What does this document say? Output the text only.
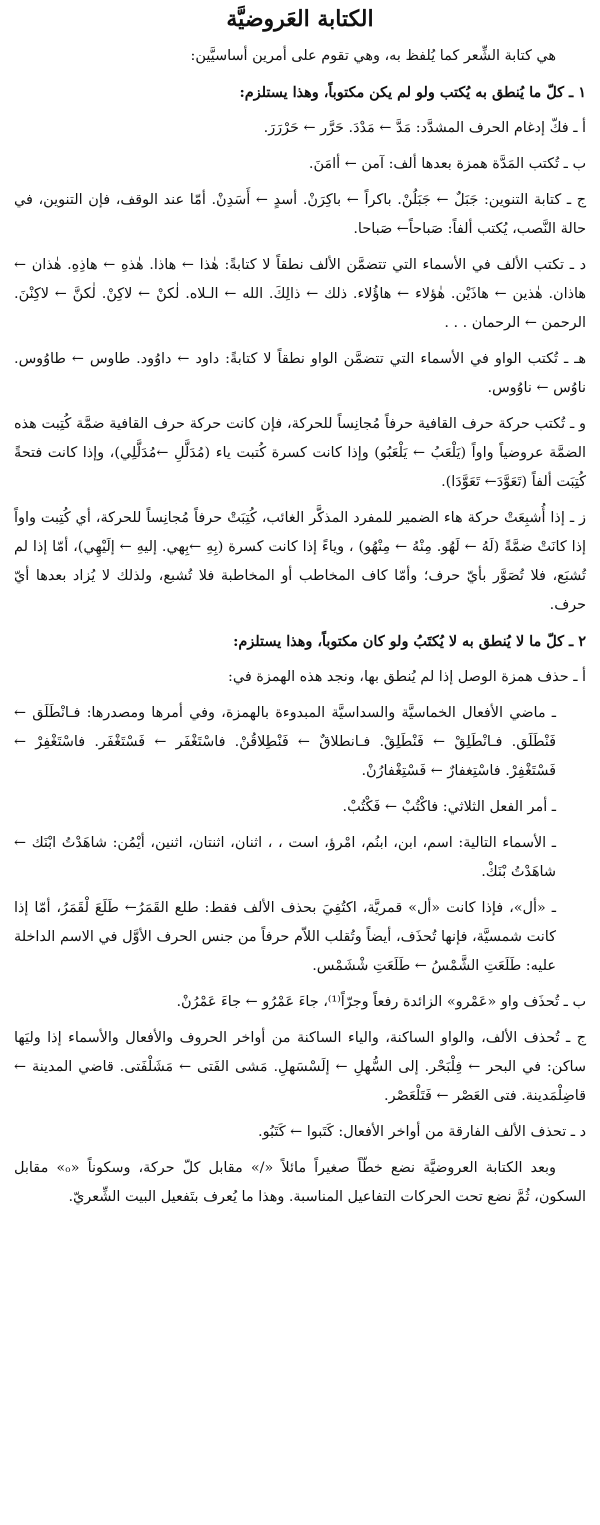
الكتابة العَروضيَّة

هي كتابة الشِّعر كما يُلفظ به، وهي تقوم على أمرين أساسيَّين:

١ ـ كلّ ما يُنطق به يُكتب ولو لم يكن مكتوباً، وهذا يستلزم:

أ ـ فكّ إدغام الحرف المشدَّد: مَدَّ ← مَدْدَ. حَرَّر ← حَرْرَرَ.

ب ـ تُكتب المَدَّة همزة بعدها ألف: آمن ← أامَنَ.

ج ـ كتابة التنوين: جَبَلٌ ← جَبَلُنْ. باكراً ← باكِرَنْ. أسدٍ ← أَسَدِنْ. أمّا عند الوقف، فإن التنوين، في حالة النَّصب، يُكتب ألفاً: صَباحاً← صَباحا.

د ـ تكتب الألف في الأسماء التي تتضمَّن الألف نطقاً لا كتابةً: هٰذا ← هاذا. هٰذهِ ← هاذِهِ. هٰذان ← هاذان. هٰذين ← هاذَيْن. هٰؤلاء ← هاؤُلاء. ذلك ← ذالِكَ. الله ← الـلاه. لٰكنْ ← لاكِنْ. لٰكنَّ ← لاكِنْنَ. الرحمن ← الرحمان . . .

هـ ـ تُكتب الواو في الأسماء التي تتضمَّن الواو نطقاً لا كتابةً: داود ← داوُود. طاوس ← طاوُوس. ناوُس ← ناوُوس.

و ـ تُكتب حركة حرف القافية حرفاً مُجانِساً للحركة، فإن كانت حركة حرف القافية ضمَّة كُتِبت هذه الضمَّة عروضياً واواً (يَلْعَبُ ← يَلْعَبُو) وإذا كانت كسرة كُتبت ياء (مُدَلَّلِ ←مُدَلَّلِي)، وإذا كانت فتحةً كُتِبَت ألفاً (تَعَوَّدَ← تَعَوَّدَا).

ز ـ إذا أُشبِعَتْ حركة هاء الضمير للمفرد المذكَّر الغائب، كُتِبَتْ حرفاً مُجانِساً للحركة، أي كُتِبت واواً إذا كانَتْ ضمَّةً (لَهُ ← لَهُو. مِنْهُ ← مِنْهُو) ، وياءً إذا كانت كسرة (بِهِ ←بِهي. إليهِ ← إلَيْهِي)، أمّا إذا لم تُشبَع، فلا تُصَوَّر بأيّ حرف؛ وأمّا كاف المخاطب أو المخاطبة فلا تُشبع، ولذلك لا يُزاد بعدها أيّ حرف.

٢ ـ كلّ ما لا يُنطق به لا يُكتَبُ ولو كان مكتوباً، وهذا يستلزم:

أ ـ حذف همزة الوصل إذا لم يُنطق بها، ونجد هذه الهمزة في:

ـ ماضي الأفعال الخماسيَّة والسداسيَّة المبدوءة بالهمزة، وفي أمرها ومصدرها: فـانْطَلَق ← فَنْطَلَق. فـانْطَلِقْ ← فَنْطَلِقْ. فـانطلاقٌ ← فَنْطِلاقُنْ. فاسْتَغْفَر ← فَسْتَغْفَر. فاسْتَغْفِرْ ← فَسْتَغْفِرْ. فاسْتِغفارٌ ← فَسْتِغْفارُنْ.

ـ أمر الفعل الثلاثي: فاكْتُبْ ← فَكْتُبْ.

ـ الأسماء التالية: اسم، ابن، ابنُم، امْرؤ، است ، ، اثنان، اثنتان، اثنين، أيْمُن: شاهَدْتُ ابْنَك ← شاهَدْتُ بْنَكْ.

ـ «أل»، فإذا كانت «أل» قمريَّة، اكتُفِيَ بحذف الألف فقط: طلع القَمَرُ← طَلَعَ لْقَمَرُ، أمّا إذا كانت شمسيَّة، فإنها تُحذَف، أيضاً وتُقلب اللاّم حرفاً من جنس الحرف الأوَّل في الاسم الداخلة عليه: طَلَعَتِ الشَّمْسُ ← طَلَعَتِ شْشَمْس.

ب ـ تُحذَف واو «عَمْرو» الزائدة رفعاً وجرّاً⁽¹⁾، جاءَ عَمْرُو ← جاءَ عَمْرُنْ.

ج ـ تُحذف الألف، والواو الساكنة، والياء الساكنة من أواخر الحروف والأفعال والأسماء إذا وليَها ساكن: في البحر ← فِلْبَحْر. إلى السُّهلِ ← إلَسْسَهلِ. مَشى الفَتى ← مَشَلْفَتى. قاضي المدينة ← قاضِلْمَدينة. فتى العَصْر ← فَتَلْعَصْر.

د ـ تحذف الألف الفارقة من أواخر الأفعال: كَتَبوا ← كَتَبُو.

وبعد الكتابة العروضيَّة نضع خطّاً صغيراً مائلاً «/» مقابل كلّ حركة، وسكوناً «ₒ» مقابل السكون، ثُمَّ نضع تحت الحركات التفاعيل المناسبة. وهذا ما يُعرف بتَفعيل البيت الشِّعريّ.
